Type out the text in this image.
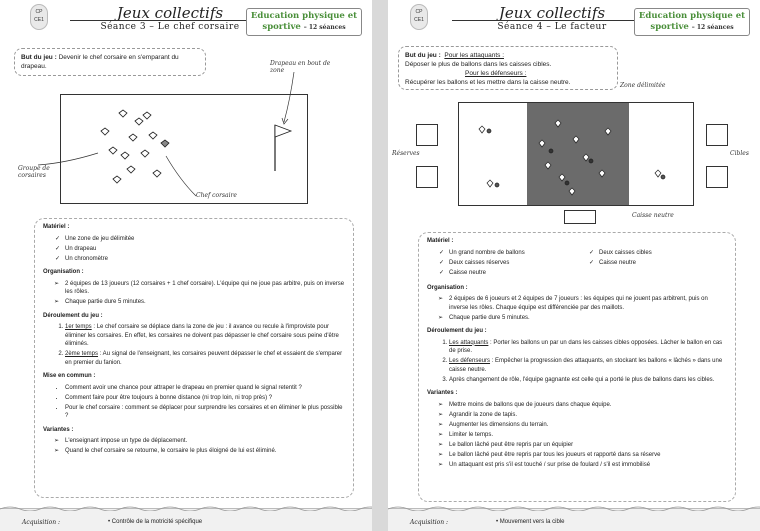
CP
CE1	Jeux collectifs
Séance 3 – Le chef corsaire
Education physique et
sportive – 12 séances
But du jeu : Devenir le chef corsaire en s'emparant du drapeau.	Drapeau en bout de zone
Groupe de corsaires
Chef corsaire
Matériel :
✓ Une zone de jeu délimitée
✓ Un drapeau
✓ Un chronomètre
Organisation :
➢ 2 équipes de 13 joueurs (12 corsaires + 1 chef corsaire). L'équipe qui ne joue pas arbitre, puis on inverse les rôles.
➢ Chaque partie dure 5 minutes.
Déroulement du jeu :
1. 1er temps : Le chef corsaire se déplace dans la zone de jeu : il avance ou recule à l'improviste pour éliminer les corsaires. En effet, les corsaires ne doivent pas dépasser le chef corsaire sous peine d'être éliminés.
2. 2ème temps : Au signal de l'enseignant, les corsaires peuvent dépasser le chef et essaient de s'emparer en premier du fanion.
Mise en commun :
• Comment avoir une chance pour attraper le drapeau en premier quand le signal retentit ?
• Comment faire pour être toujours à bonne distance (ni trop loin, ni trop près) ?
• Pour le chef corsaire : comment se déplacer pour surprendre les corsaires et en éliminer le plus possible ?
Variantes :
➢ L'enseignant impose un type de déplacement.
➢ Quand le chef corsaire se retourne, le corsaire le plus éloigné de lui est éliminé.
Acquisition :	• Contrôle de la motricité spécifique
CP
CE1	Jeux collectifs
Séance 4 – Le facteur
Education physique et
sportive – 12 séances
But du jeu : Pour les attaquants :
Déposer le plus de ballons dans les caisses cibles.
Pour les défenseurs :
Récupérer les ballons et les mettre dans la caisse neutre.	Zone délimitée
Réserves	Cibles
Caisse neutre
Matériel :
✓ Un grand nombre de ballons
✓ Deux caisses réserves
✓ Caisse neutre
✓ Deux caisses cibles
✓ Caisse neutre
Organisation :
➢ 2 équipes de 6 joueurs et 2 équipes de 7 joueurs : les équipes qui ne jouent pas arbitrent, puis on inverse les rôles. Chaque équipe est différenciée par des maillots.
➢ Chaque partie dure 5 minutes.
Déroulement du jeu :
1. Les attaquants : Porter les ballons un par un dans les caisses cibles opposées. Lâcher le ballon en cas de prise.
2. Les défenseurs : Empêcher la progression des attaquants, en stockant les ballons « lâchés » dans une caisse neutre.
3. Après changement de rôle, l'équipe gagnante est celle qui a porté le plus de ballons dans les cibles.
Variantes :
➢ Mettre moins de ballons que de joueurs dans chaque équipe.
➢ Agrandir la zone de tapis.
➢ Augmenter les dimensions du terrain.
➢ Limiter le temps.
➢ Le ballon lâché peut être repris par un équipier
➢ Le ballon lâché peut être repris par tous les joueurs et rapporté dans sa réserve
➢ Un attaquant est pris s'il est touché / sur prise de foulard / s'il est immobilisé
Acquisition :	• Mouvement vers la cible
